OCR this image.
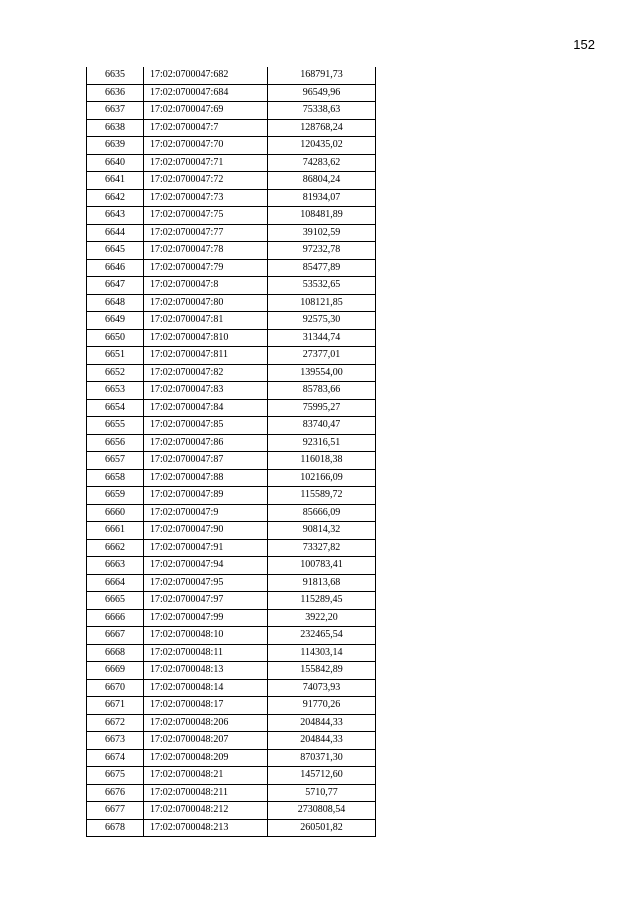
152
6635	17:02:0700047:682	168791,73
6636	17:02:0700047:684	96549,96
6637	17:02:0700047:69	75338,63
6638	17:02:0700047:7	128768,24
6639	17:02:0700047:70	120435,02
6640	17:02:0700047:71	74283,62
6641	17:02:0700047:72	86804,24
6642	17:02:0700047:73	81934,07
6643	17:02:0700047:75	108481,89
6644	17:02:0700047:77	39102,59
6645	17:02:0700047:78	97232,78
6646	17:02:0700047:79	85477,89
6647	17:02:0700047:8	53532,65
6648	17:02:0700047:80	108121,85
6649	17:02:0700047:81	92575,30
6650	17:02:0700047:810	31344,74
6651	17:02:0700047:811	27377,01
6652	17:02:0700047:82	139554,00
6653	17:02:0700047:83	85783,66
6654	17:02:0700047:84	75995,27
6655	17:02:0700047:85	83740,47
6656	17:02:0700047:86	92316,51
6657	17:02:0700047:87	116018,38
6658	17:02:0700047:88	102166,09
6659	17:02:0700047:89	115589,72
6660	17:02:0700047:9	85666,09
6661	17:02:0700047:90	90814,32
6662	17:02:0700047:91	73327,82
6663	17:02:0700047:94	100783,41
6664	17:02:0700047:95	91813,68
6665	17:02:0700047:97	115289,45
6666	17:02:0700047:99	3922,20
6667	17:02:0700048:10	232465,54
6668	17:02:0700048:11	114303,14
6669	17:02:0700048:13	155842,89
6670	17:02:0700048:14	74073,93
6671	17:02:0700048:17	91770,26
6672	17:02:0700048:206	204844,33
6673	17:02:0700048:207	204844,33
6674	17:02:0700048:209	870371,30
6675	17:02:0700048:21	145712,60
6676	17:02:0700048:211	5710,77
6677	17:02:0700048:212	2730808,54
6678	17:02:0700048:213	260501,82
